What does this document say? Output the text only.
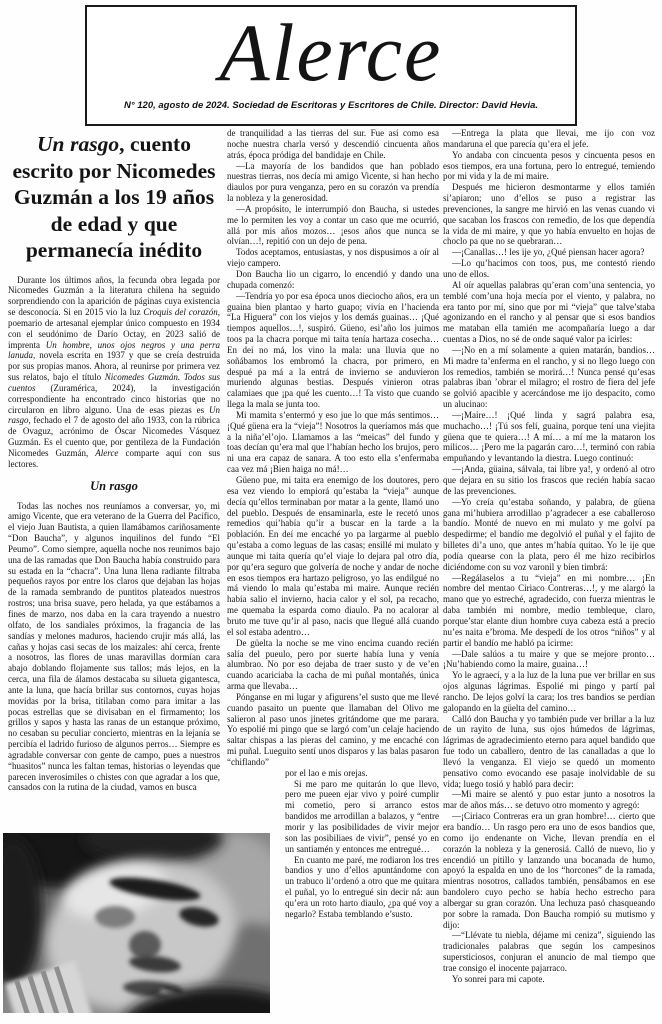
Alerce
N° 120, agosto de 2024. Sociedad de Escritoras y Escritores de Chile. Director: David Hevia.
Un rasgo, cuento escrito por Nicomedes Guzmán a los 19 años de edad y que permanecía inédito

Durante los últimos años, la fecunda obra legada por Nicomedes Guzmán a la literatura chilena ha seguido sorprendiendo con la aparición de páginas cuya existencia se desconocía. Si en 2015 vio la luz Croquis del corazón, poemario de artesanal ejemplar único compuesto en 1934 con el seudónimo de Darío Octay, en 2023 salió de imprenta Un hombre, unos ojos negros y una perra lanuda, novela escrita en 1937 y que se creía destruida por sus propias manos. Ahora, al reunirse por primera vez sus relatos, bajo el título Nicomedes Guzmán. Todos sus cuentos (Zuramérica, 2024), la investigación correspondiente ha encontrado cinco historias que no circularon en libro alguno. Una de esas piezas es Un rasgo, fechado el 7 de agosto del año 1933, con la rúbrica de Ovaguz, acrónimo de Óscar Nicomedes Vásquez Guzmán. Es el cuento que, por gentileza de la Fundación Nicomedes Guzmán, Alerce comparte aquí con sus lectores.

Un rasgo

Todas las noches nos reuníamos a conversar, yo, mi amigo Vicente, que era veterano de la Guerra del Pacífico, el viejo Juan Bautista, a quien llamábamos cariñosamente “Don Baucha”, y algunos inquilinos del fundo “El Peumo”. Como siempre, aquella noche nos reunimos bajo una de las ramadas que Don Baucha había construido para su estada en la “chacra”. Una luna llena radiante filtraba pequeños rayos por entre los claros que dejaban las hojas de la ramada sembrando de puntitos plateados nuestros rostros; una brisa suave, pero helada, ya que estábamos a fines de marzo, nos daba en la cara trayendo a nuestro olfato, de los sandiales próximos, la fragancia de las sandías y melones maduros, haciendo crujir más allá, las cañas y hojas casi secas de los maizales: ahí cerca, frente a nosotros, las flores de unas maravillas dormían cara abajo doblando flojamente sus tallos; más lejos, en la cerca, una fila de álamos destacaba su silueta gigantesca, ante la luna, que hacía brillar sus contornos, cuyas hojas movidas por la brisa, titilaban como para imitar a las pocas estrellas que se divisaban en el firmamento; los grillos y sapos y hasta las ranas de un estanque próximo, no cesaban su peculiar concierto, mientras en la lejanía se percibía el ladrido furioso de algunos perros… Siempre es agradable conversar con gente de campo, pues a nuestros “huasitos” nunca les faltan temas, historias o leyendas que parecen inverosímiles o chistes con que agradar a los que, cansados con la rutina de la ciudad, vamos en busca

de tranquilidad a las tierras del sur. Fue así como esa noche nuestra charla versó y descendió cincuenta años atrás, época pródiga del bandidaje en Chile.

—La mayoría de los bandidos que han poblado nuestras tierras, nos decía mi amigo Vicente, si han hecho diaulos por pura venganza, pero en su corazón va prendía la nobleza y la generosidad.

—A propósito, le interrumpió don Baucha, si ustedes me lo permiten les voy a contar un caso que me ocurrió, allá por mis años mozos… ¡esos años que nunca se olvían…!, repitió con un dejo de pena.

Todos aceptamos, entusiastas, y nos dispusimos a oír al viejo campero.

Don Baucha lio un cigarro, lo encendió y dando una chupada comenzó:

—Tendría yo por esa época unos dieciocho años, era un guaina bien plantao y harto guapo; vivía en l’hacienda “La Higuera” con los viejos y los demás guainas… ¡Qué tiempos aquellos…!, suspiró. Güeno, esi’año los juimos toos pa la chacra porque mi taita tenía hartaza cosecha… En dei no má, los vino la mala: una lluvia que no soñábamos los embromó la chacra, por primero, en despué pa má a la entrá de invierno se anduvieron muriendo algunas bestias. Después vinieron otras calamiaes que ¡pa qué les cuento…! Ta visto que cuando llega la mala se junta too.

Mi mamita s’entermó y eso jue lo que más sentimos… ¡Qué güena era la “vieja”! Nosotros la queríamos más que a la niña’el’ojo. Llamamos a las “meicas” del fundo y toas decían qu’era mal que l’habían hecho los brujos, pero ni una era capaz de sanara. A too esto ella s’enfermaba caa vez má ¡Bien haiga no má!…

Güeno pue, mi taita era enemigo de los doutores, pero esa vez viendo lo empiorá qu’estaba la “vieja” aunque decía qu’ellos terminaban por matar a la gente, llamó uno del pueblo. Después de ensaminarla, este le recetó unos remedios qui’había qu’ir a buscar en la tarde a la población. En deí me encaché yo pa largarme al pueblo qu’estaba a como leguas de las casas; ensillé mi mulato y aunque mi taita quería qu’el viaje lo dejara pal otro día, por qu’era seguro que golvería de noche y andar de noche en esos tiempos era hartazo peligroso, yo las endilgué no má viendo lo mala qu’estaba mi maire. Aunque recién había salio el invierno, hacia calor y el sol, pa recacho, me quemaba la esparda como diaulo. Pa no acalorar al bruto me tuve qu’ir al paso, nacis que llegué allá cuando el sol estaba adentro…

De güelta la noche se me vino encima cuando recién salía del pueulo, pero por suerte había luna y venía alumbrao. No por eso dejaba de traer susto y de ve’en cuando acariciaba la cacha de mi puñal montañés, única arma que llevaba…

Pónganse en mi lugar y afigurens’el susto que me llevé cuando pasaito un puente que llamaban del Olivo me salieron al paso unos jinetes gritándome que me parara. Yo espolié mi pingo que se largó com’un celaje haciendo saltar chispas a las pieras del camino, y me encaché con mi puñal. Lueguito sentí unos disparos y las balas pasaron “chiflando”

por el lao e mis orejas.

Si me paro me quitarán lo que llevo, pero me pueen ejar vivo y poiré cumplir mi cometio, pero si arranco estos bandidos me arrodillan a balazos, y “entre morir y las posibilidades de vivir mejor son las posibiliaes de vivir”, pensé yo en un santiamén y entonces me entregué…

En cuanto me paré, me rodiaron los tres bandios y uno d’ellos apuntándome con un trabuco li’ordenó a otro que me quitara el puñal, yo lo entregué sin decir ná: aun qu’era un roto harto diaulo, ¿pa qué voy a negarlo? Estaba temblando e’susto.

—Entrega la plata que llevai, me ijo con voz mandaruna el que parecía qu’era el jefe.

Yo andaba con cincuenta pesos y cincuenta pesos en esos tiempos, era una fortuna, pero lo entregué, temiendo por mi vida y la de mi maire.

Después me hicieron desmontarme y ellos tamién si’apiaron; uno d’ellos se puso a registrar las prevenciones, la sangre me hirvió en las venas cuando vi que sacaban los frascos con remedio, de los que dependía la vida de mi maire, y que yo había envuelto en hojas de choclo pa que no se quebraran…

—¡Canallas…! les ije yo, ¿Qué piensan hacer agora?

—Lo qu’hacimos con toos, pus, me contestó riendo uno de ellos.

Al oír aquellas palabras qu’eran com’una sentencia, yo temblé com’una hoja mecía por el viento, y palabra, no era tanto por mí, sino que por mi “vieja” que talve’staba agonizando en el rancho y al pensar que si esos bandios me mataban ella tamién me acompañaría luego a dar cuentas a Dios, no sé de onde saqué valor pa icirles:

—¡No en a mí solamente a quien matarán, bandios… Mi madre ta’enferma en el rancho, y si no llego luego con los remedios, también se morirá…! Nunca pensé qu’esas palabras iban ’obrar el milagro; el rostro de fiera del jefe se golvió apacible y acercándose me ijo despacito, como un alucinao:

—¡Maire…! ¡Qué linda y sagrá palabra esa, muchacho…! ¡Tú sos felí, guaina, porque tení una viejita güena que te quiera…! A mí… a mí me la mataron los milicos… ¡Pero me la pagarán caro…!, terminó con rabia empuñando y levantando la diestra. Luego continuó:

—¡Anda, güaina, sálvala, tai libre ya!, y ordenó al otro que dejara en su sitio los frascos que recién había sacao de las prevenciones.

—Yo creía qu’estaba soñando, y palabra, de güena gana mi’hubiera arrodillao p’agradecer a ese caballeroso bandío. Monté de nuevo en mi mulato y me golví pa despedirme; el bandío me degolvió el puñal y el fajito de billetes di’a uno, que antes m’había quitao. Yo le ije que podía quearse con la plata, pero él me hizo recibirlos diciéndome con su voz varonil y bien timbrá:

—Regálaselos a tu “vieja” en mi nombre… ¡En nombre del mentao Ciriaco Contreras…!, y me alargó la mano que yo estreché, agradecido, con fuerza mientras le daba también mi nombre, medio tembleque, claro, porque’star elante diun hombre cuya cabeza está a precio nu’es naita e’broma. Me despedí de los otros “niños” y al partir el bandío me habló pa icirme:

—Dale salúos a tu maire y que se mejore pronto… ¡Nu’habiendo como la maire, guaina…!

Yo le agraecí, y a la luz de la luna pue ver brillar en sus ojos algunas lágrimas. Espolié mi pingo y partí pal rancho. De lejos golví la cara; los tres bandios se perdían galopando en la güelta del camino…

Calló don Baucha y yo también pude ver brillar a la luz de un rayito de luna, sus ojos húmedos de lágrimas, lágrimas de agradecimiento eterno para aquel bandido que fue todo un caballero, dentro de las canalladas a que lo llevó la venganza. El viejo se quedó un momento pensativo como evocando ese pasaje inolvidable de su vida; luego tosió y habló para decir:

—Mi maire se alentó y puo estar junto a nosotros la mar de años más… se detuvo otro momento y agregó:

—¡Ciriaco Contreras era un gran hombre!… cierto que era bandío… Un rasgo pero era uno de esos bandios que, como ijo endenante on Viche, llevan prendía en el corazón la nobleza y la generosiá. Calló de nuevo, lio y encendió un pitillo y lanzando una bocanada de humo, apoyó la espalda en uno de los “horcones” de la ramada, mientras nosotros, callados también, pensábamos en ese bandolero cuyo pecho se había hecho estrecho para albergar su gran corazón. Una lechuza pasó chasqueando por sobre la ramada. Don Baucha rompió su mutismo y dijo:

—“Llévate tu niebla, déjame mi ceniza”, siguiendo las tradicionales palabras que según los campesinos supersticiosos, conjuran el anuncio de mal tiempo que trae consigo el inocente pajarraco.

Yo sonreí para mi capote.
